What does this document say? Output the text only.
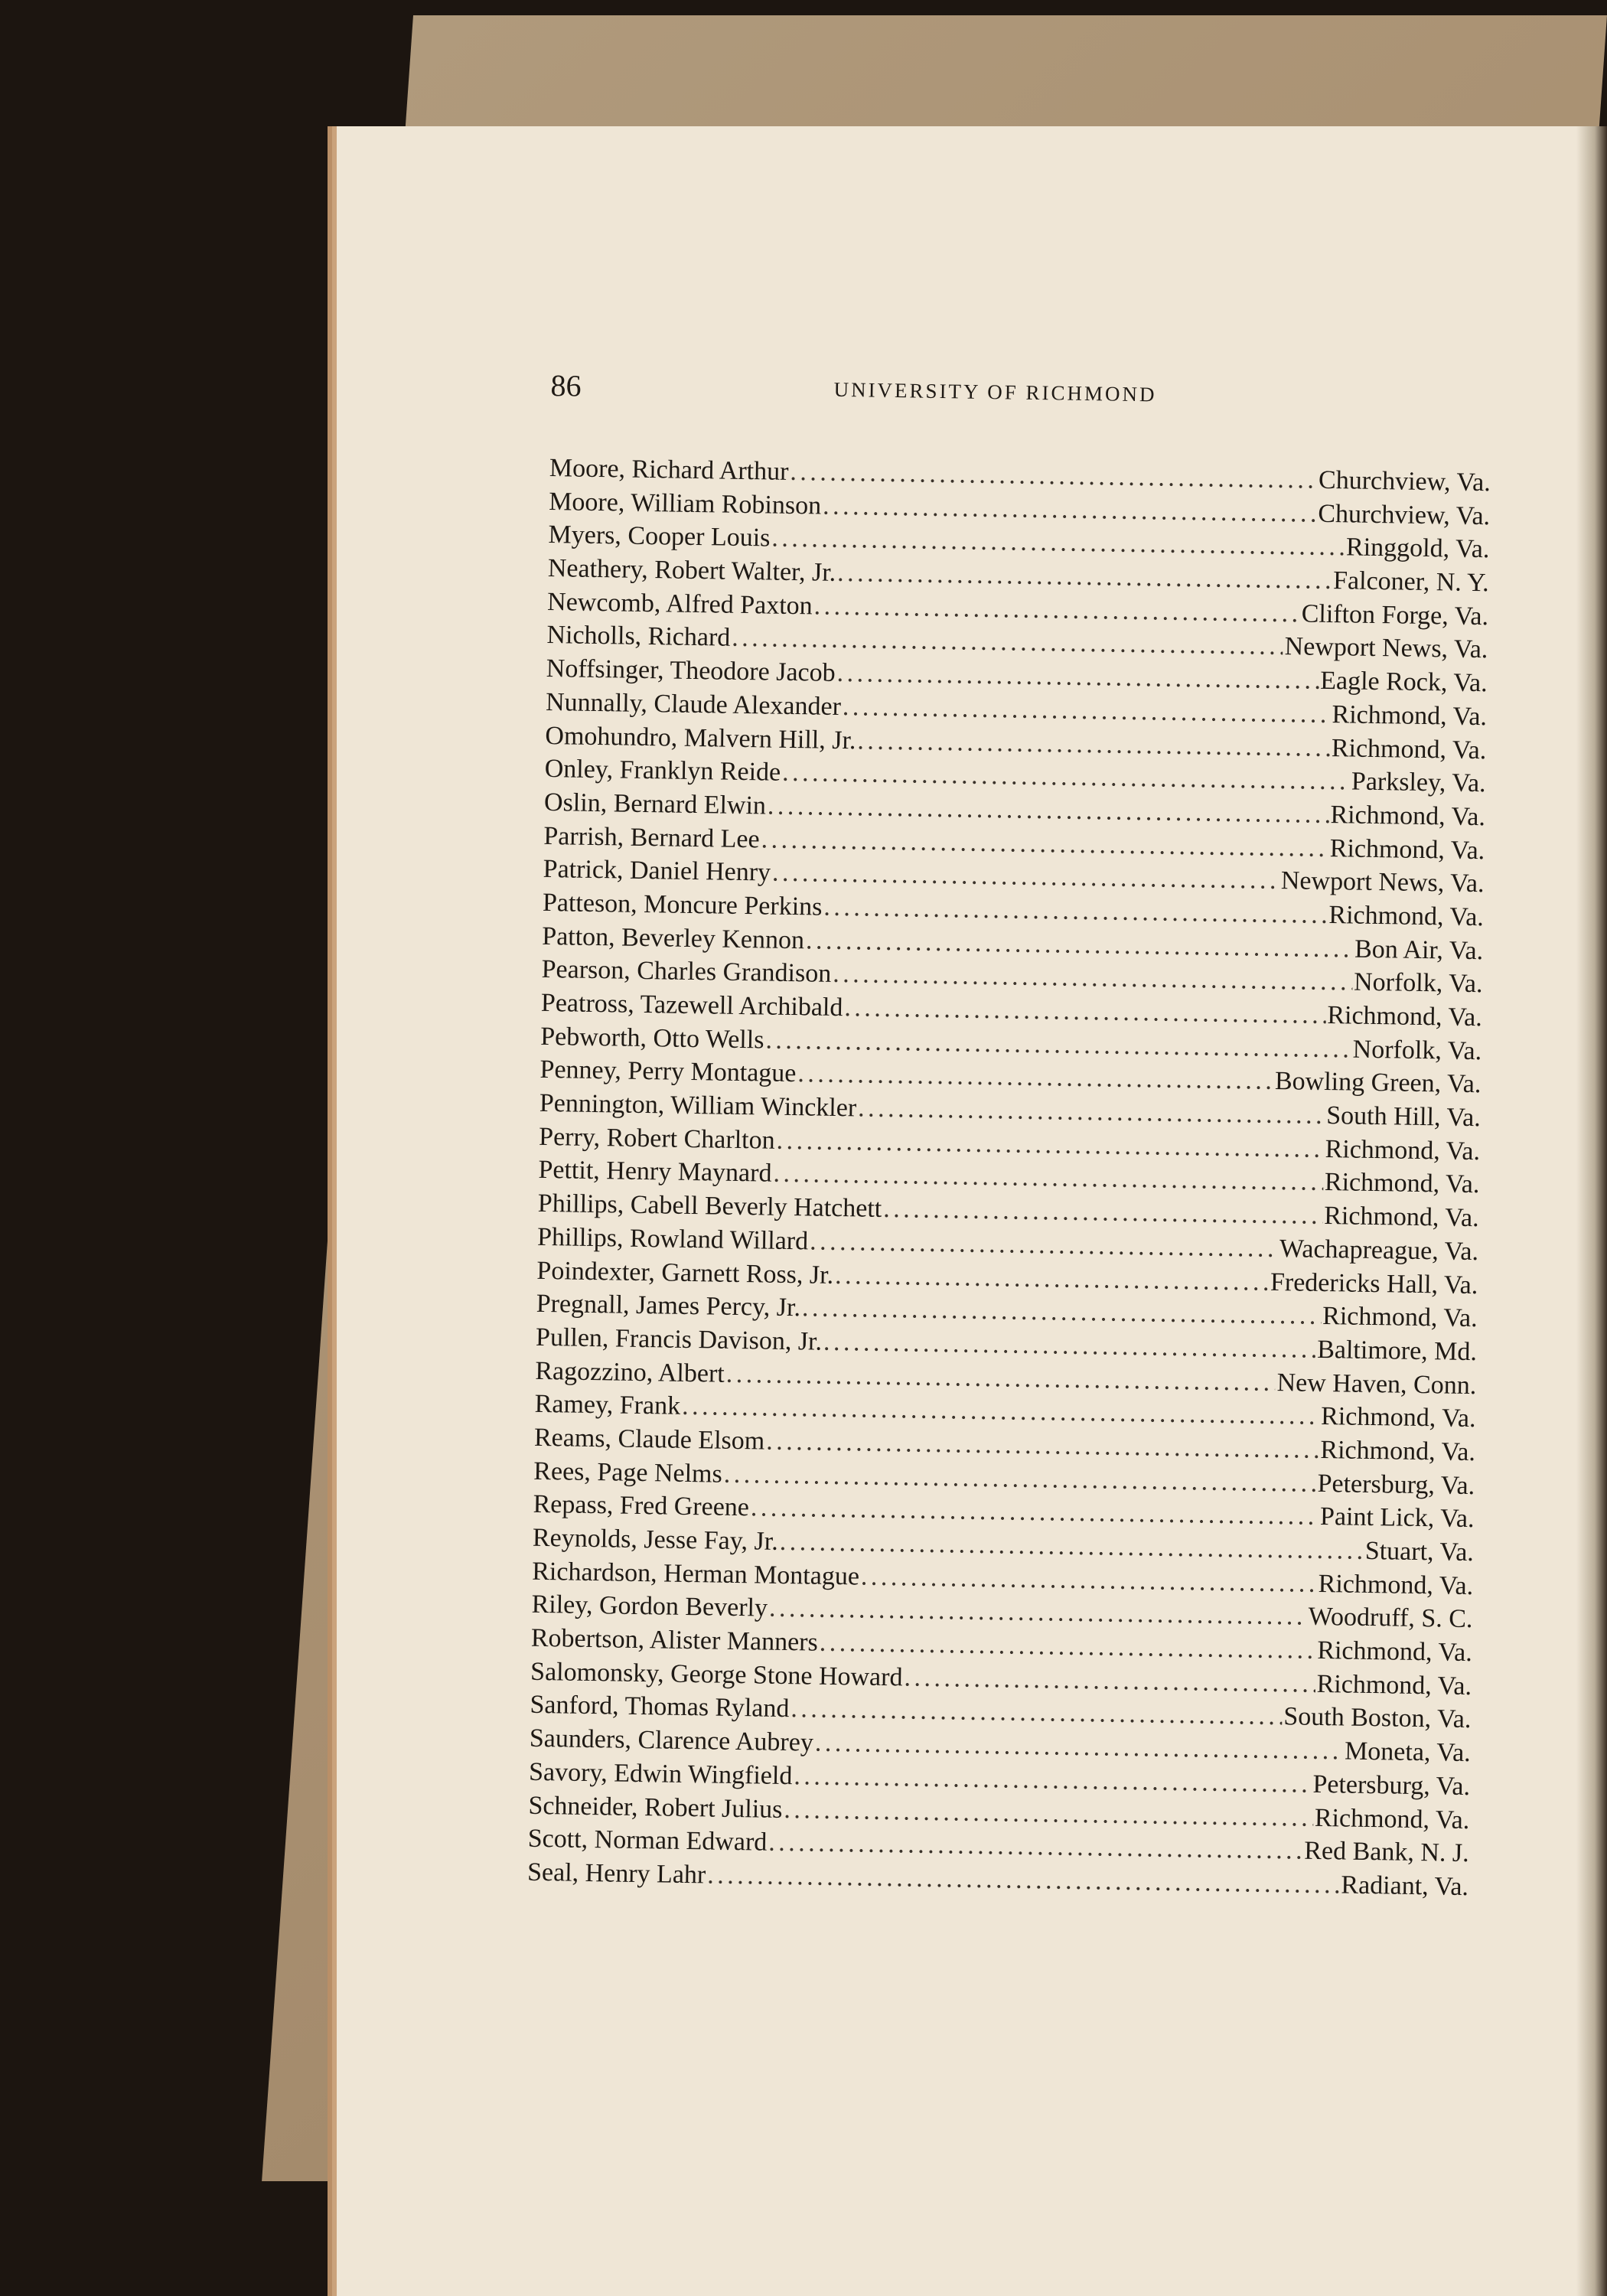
86	UNIVERSITY OF RICHMOND
Moore, Richard Arthur . . .	Churchview, Va.
Moore, William Robinson . . .	Churchview, Va.
Myers, Cooper Louis . . .	Ringgold, Va.
Neathery, Robert Walter, Jr. . . .	Falconer, N. Y.
Newcomb, Alfred Paxton . . .	Clifton Forge, Va.
Nicholls, Richard . . .	Newport News, Va.
Noffsinger, Theodore Jacob . . .	Eagle Rock, Va.
Nunnally, Claude Alexander . . .	Richmond, Va.
Omohundro, Malvern Hill, Jr. . . .	Richmond, Va.
Onley, Franklyn Reide . . .	Parksley, Va.
Oslin, Bernard Elwin . . .	Richmond, Va.
Parrish, Bernard Lee . . .	Richmond, Va.
Patrick, Daniel Henry . . .	Newport News, Va.
Patteson, Moncure Perkins . . .	Richmond, Va.
Patton, Beverley Kennon . . .	Bon Air, Va.
Pearson, Charles Grandison . . .	Norfolk, Va.
Peatross, Tazewell Archibald . . .	Richmond, Va.
Pebworth, Otto Wells . . .	Norfolk, Va.
Penney, Perry Montague . . .	Bowling Green, Va.
Pennington, William Winckler . . .	South Hill, Va.
Perry, Robert Charlton . . .	Richmond, Va.
Pettit, Henry Maynard . . .	Richmond, Va.
Phillips, Cabell Beverly Hatchett . . .	Richmond, Va.
Phillips, Rowland Willard . . .	Wachapreague, Va.
Poindexter, Garnett Ross, Jr. . . .	Fredericks Hall, Va.
Pregnall, James Percy, Jr. . . .	Richmond, Va.
Pullen, Francis Davison, Jr. . . .	Baltimore, Md.
Ragozzino, Albert . . .	New Haven, Conn.
Ramey, Frank . . .	Richmond, Va.
Reams, Claude Elsom . . .	Richmond, Va.
Rees, Page Nelms . . .	Petersburg, Va.
Repass, Fred Greene . . .	Paint Lick, Va.
Reynolds, Jesse Fay, Jr. . . .	Stuart, Va.
Richardson, Herman Montague . . .	Richmond, Va.
Riley, Gordon Beverly . . .	Woodruff, S. C.
Robertson, Alister Manners . . .	Richmond, Va.
Salomonsky, George Stone Howard . . .	Richmond, Va.
Sanford, Thomas Ryland . . .	South Boston, Va.
Saunders, Clarence Aubrey . . .	Moneta, Va.
Savory, Edwin Wingfield . . .	Petersburg, Va.
Schneider, Robert Julius . . .	Richmond, Va.
Scott, Norman Edward . . .	Red Bank, N. J.
Seal, Henry Lahr . . .	Radiant, Va.
